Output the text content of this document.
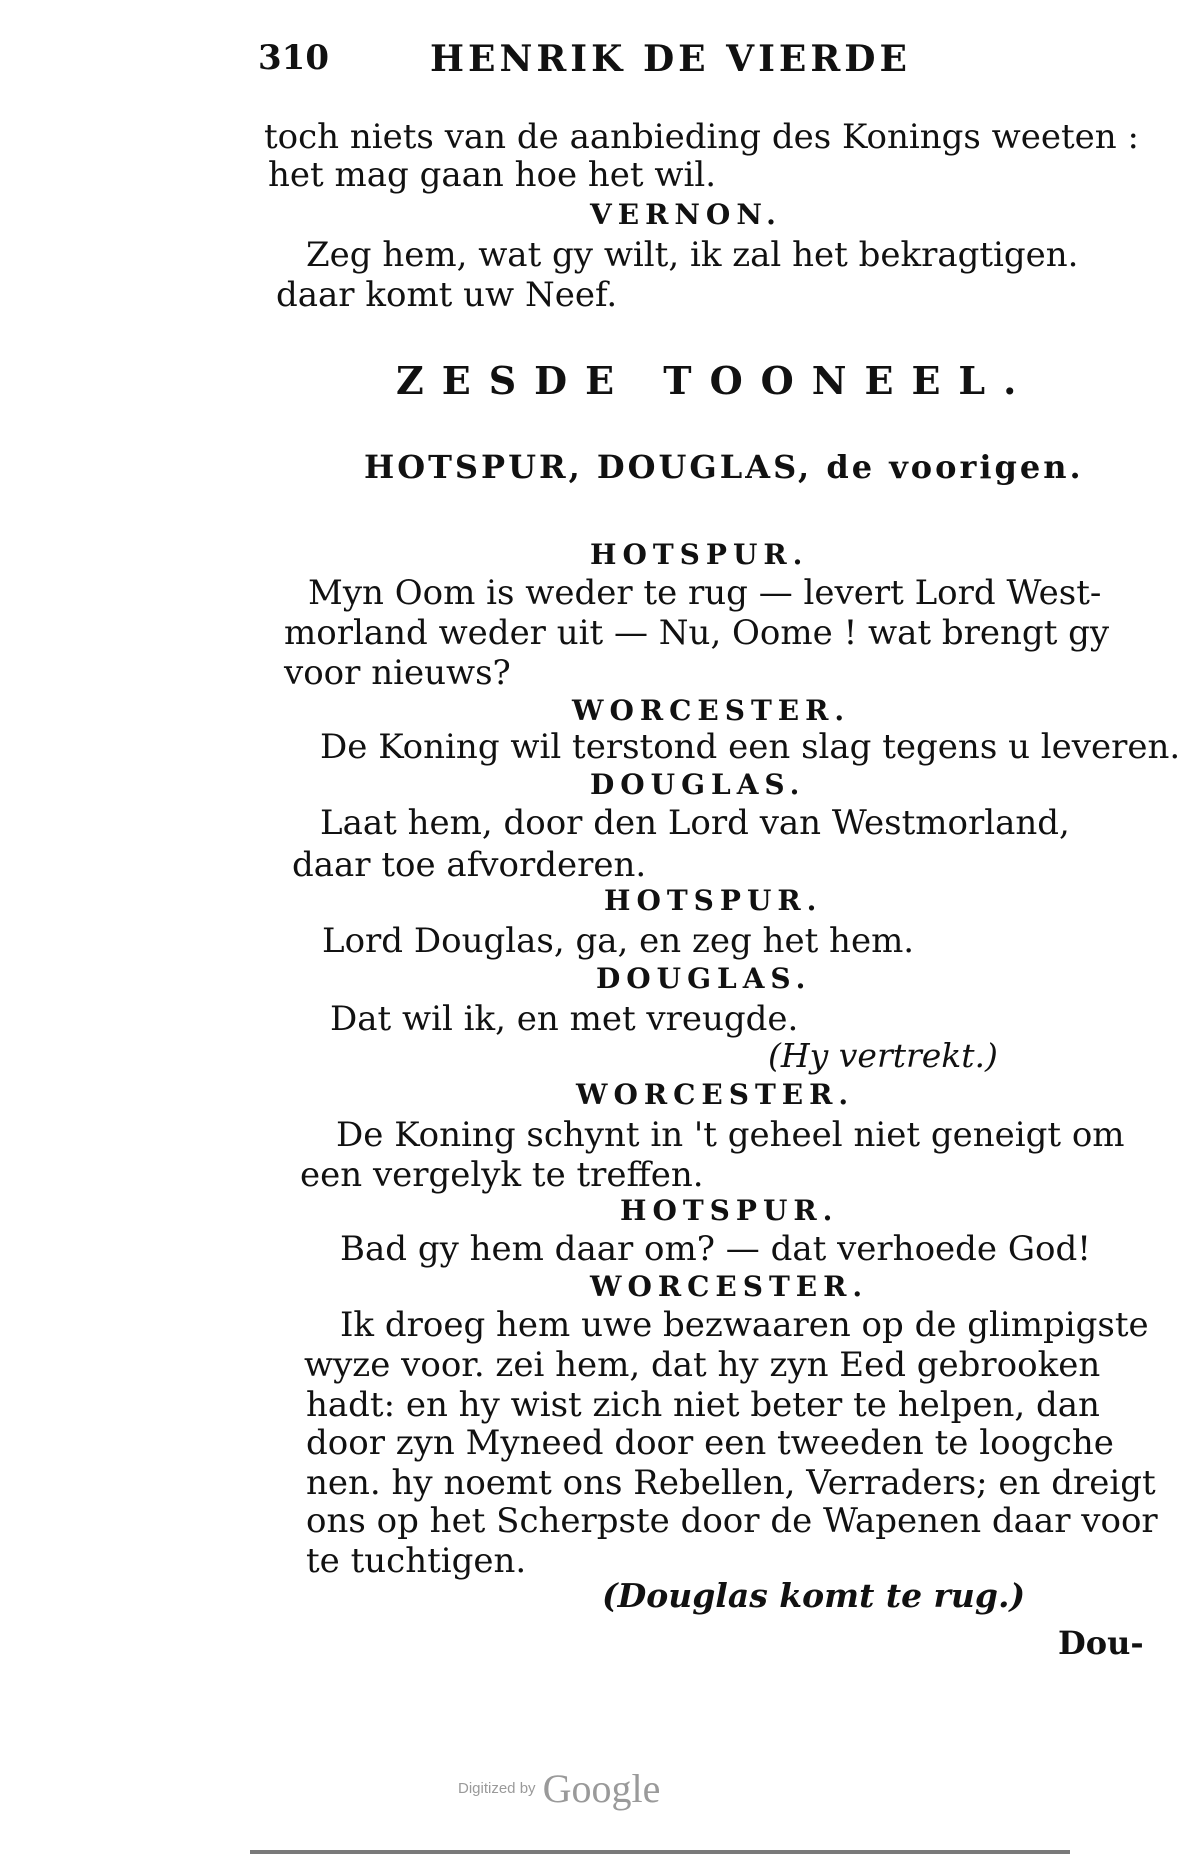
310	HENRIK DE VIERDE
toch niets van de aanbieding des Konings weeten :
het mag gaan hoe het wil.
VERNON.
Zeg hem, wat gy wilt, ik zal het bekragtigen.
daar komt uw Neef.
ZESDE TOONEEL.
HOTSPUR, DOUGLAS, de voorigen.
HOTSPUR.
Myn Oom is weder te rug — levert Lord West-
morland weder uit — Nu, Oome ! wat brengt gy
voor nieuws?
WORCESTER.
De Koning wil terstond een slag tegens u leveren.
DOUGLAS.
Laat hem, door den Lord van Westmorland,
daar toe afvorderen.
HOTSPUR.
Lord Douglas, ga, en zeg het hem.
DOUGLAS.
Dat wil ik, en met vreugde.
(Hy vertrekt.)
WORCESTER.
De Koning schynt in 't geheel niet geneigt om
een vergelyk te treffen.
HOTSPUR.
Bad gy hem daar om? — dat verhoede God!
WORCESTER.
Ik droeg hem uwe bezwaaren op de glimpigste
wyze voor. zei hem, dat hy zyn Eed gebrooken
hadt: en hy wist zich niet beter te helpen, dan
door zyn Myneed door een tweeden te loogche
nen. hy noemt ons Rebellen, Verraders; en dreigt
ons op het Scherpste door de Wapenen daar voor
te tuchtigen.
(Douglas komt te rug.)
Dou-
Digitized by Google
